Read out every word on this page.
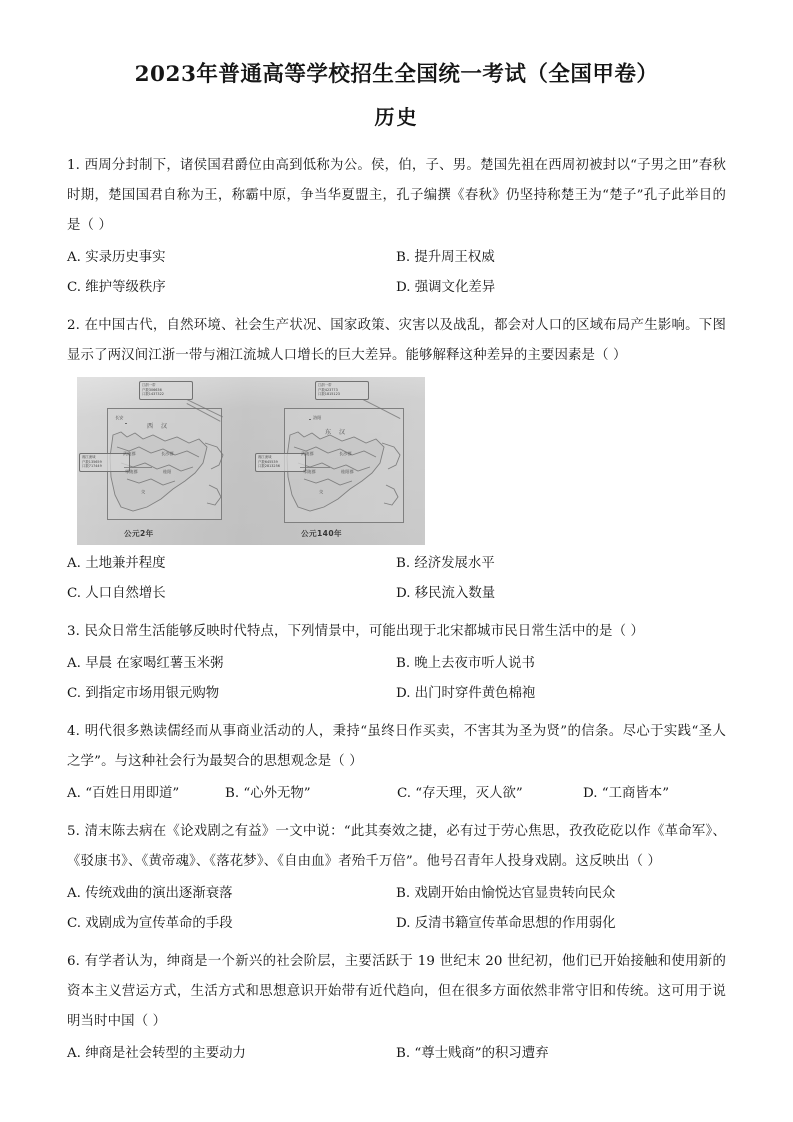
2023年普通高等学校招生全国统一考试（全国甲卷）
历史
1. 西周分封制下，诸侯国君爵位由高到低称为公。侯，伯，子、男。楚国先祖在西周初被封以“子男之田”春秋时期，楚国国君自称为王，称霸中原，争当华夏盟主，孔子编撰《春秋》仍坚持称楚王为“楚子”孔子此举目的是（ ）
A. 实录历史事实	B. 提升周王权威
C. 维护等级秩序	D. 强调文化差异
2. 在中国古代，自然环境、社会生产状况、国家政策、灾害以及战乱，都会对人口的区域布局产生影响。下图显示了两汉间江浙一带与湘江流城人口增长的巨大差异。能够解释这种差异的主要因素是（ ）
江浙一带
户数306636
口数1437322
湘江流域
户数135659
口数717449
江浙一带
户数423773
口数1815123
湘江流域
户数645539
口数2813256
长安
西 汉
武陵郡	长沙郡
零陵郡	桂阳
交
洛阳
东 汉
武陵郡	长沙郡
零陵郡	桂阳郡
交
公元2年	公元140年
A. 土地兼并程度	B. 经济发展水平
C. 人口自然增长	D. 移民流入数量
3. 民众日常生活能够反映时代特点，下列情景中，可能出现于北宋都城市民日常生活中的是（ ）
A. 早晨 在家喝红薯玉米粥	B. 晚上去夜市听人说书
C. 到指定市场用银元购物	D. 出门时穿件黄色棉袍
4. 明代很多熟读儒经而从事商业活动的人，秉持“虽终日作买卖，不害其为圣为贤”的信条。尽心于实践“圣人之学”。与这种社会行为最契合的思想观念是（ ）
A. “百姓日用即道”	B. “心外无物”	C. “存天理，灭人欲”	D. “工商皆本”
5. 清末陈去病在《论戏剧之有益》一文中说：“此其奏效之捷，必有过于劳心焦思，孜孜矻矻以作《革命军》、《驳康书》、《黄帝魂》、《落花梦》、《自由血》者殆千万倍”。他号召青年人投身戏剧。这反映出（ ）
A. 传统戏曲的演出逐渐衰落	B. 戏剧开始由愉悦达官显贵转向民众
C. 戏剧成为宣传革命的手段	D. 反清书籍宣传革命思想的作用弱化
6. 有学者认为，绅商是一个新兴的社会阶层，主要活跃于 19 世纪末 20 世纪初，他们已开始接触和使用新的资本主义营运方式，生活方式和思想意识开始带有近代趋向，但在很多方面依然非常守旧和传统。这可用于说明当时中国（ ）
A. 绅商是社会转型的主要动力	B. “尊士贱商”的积习遭弃
